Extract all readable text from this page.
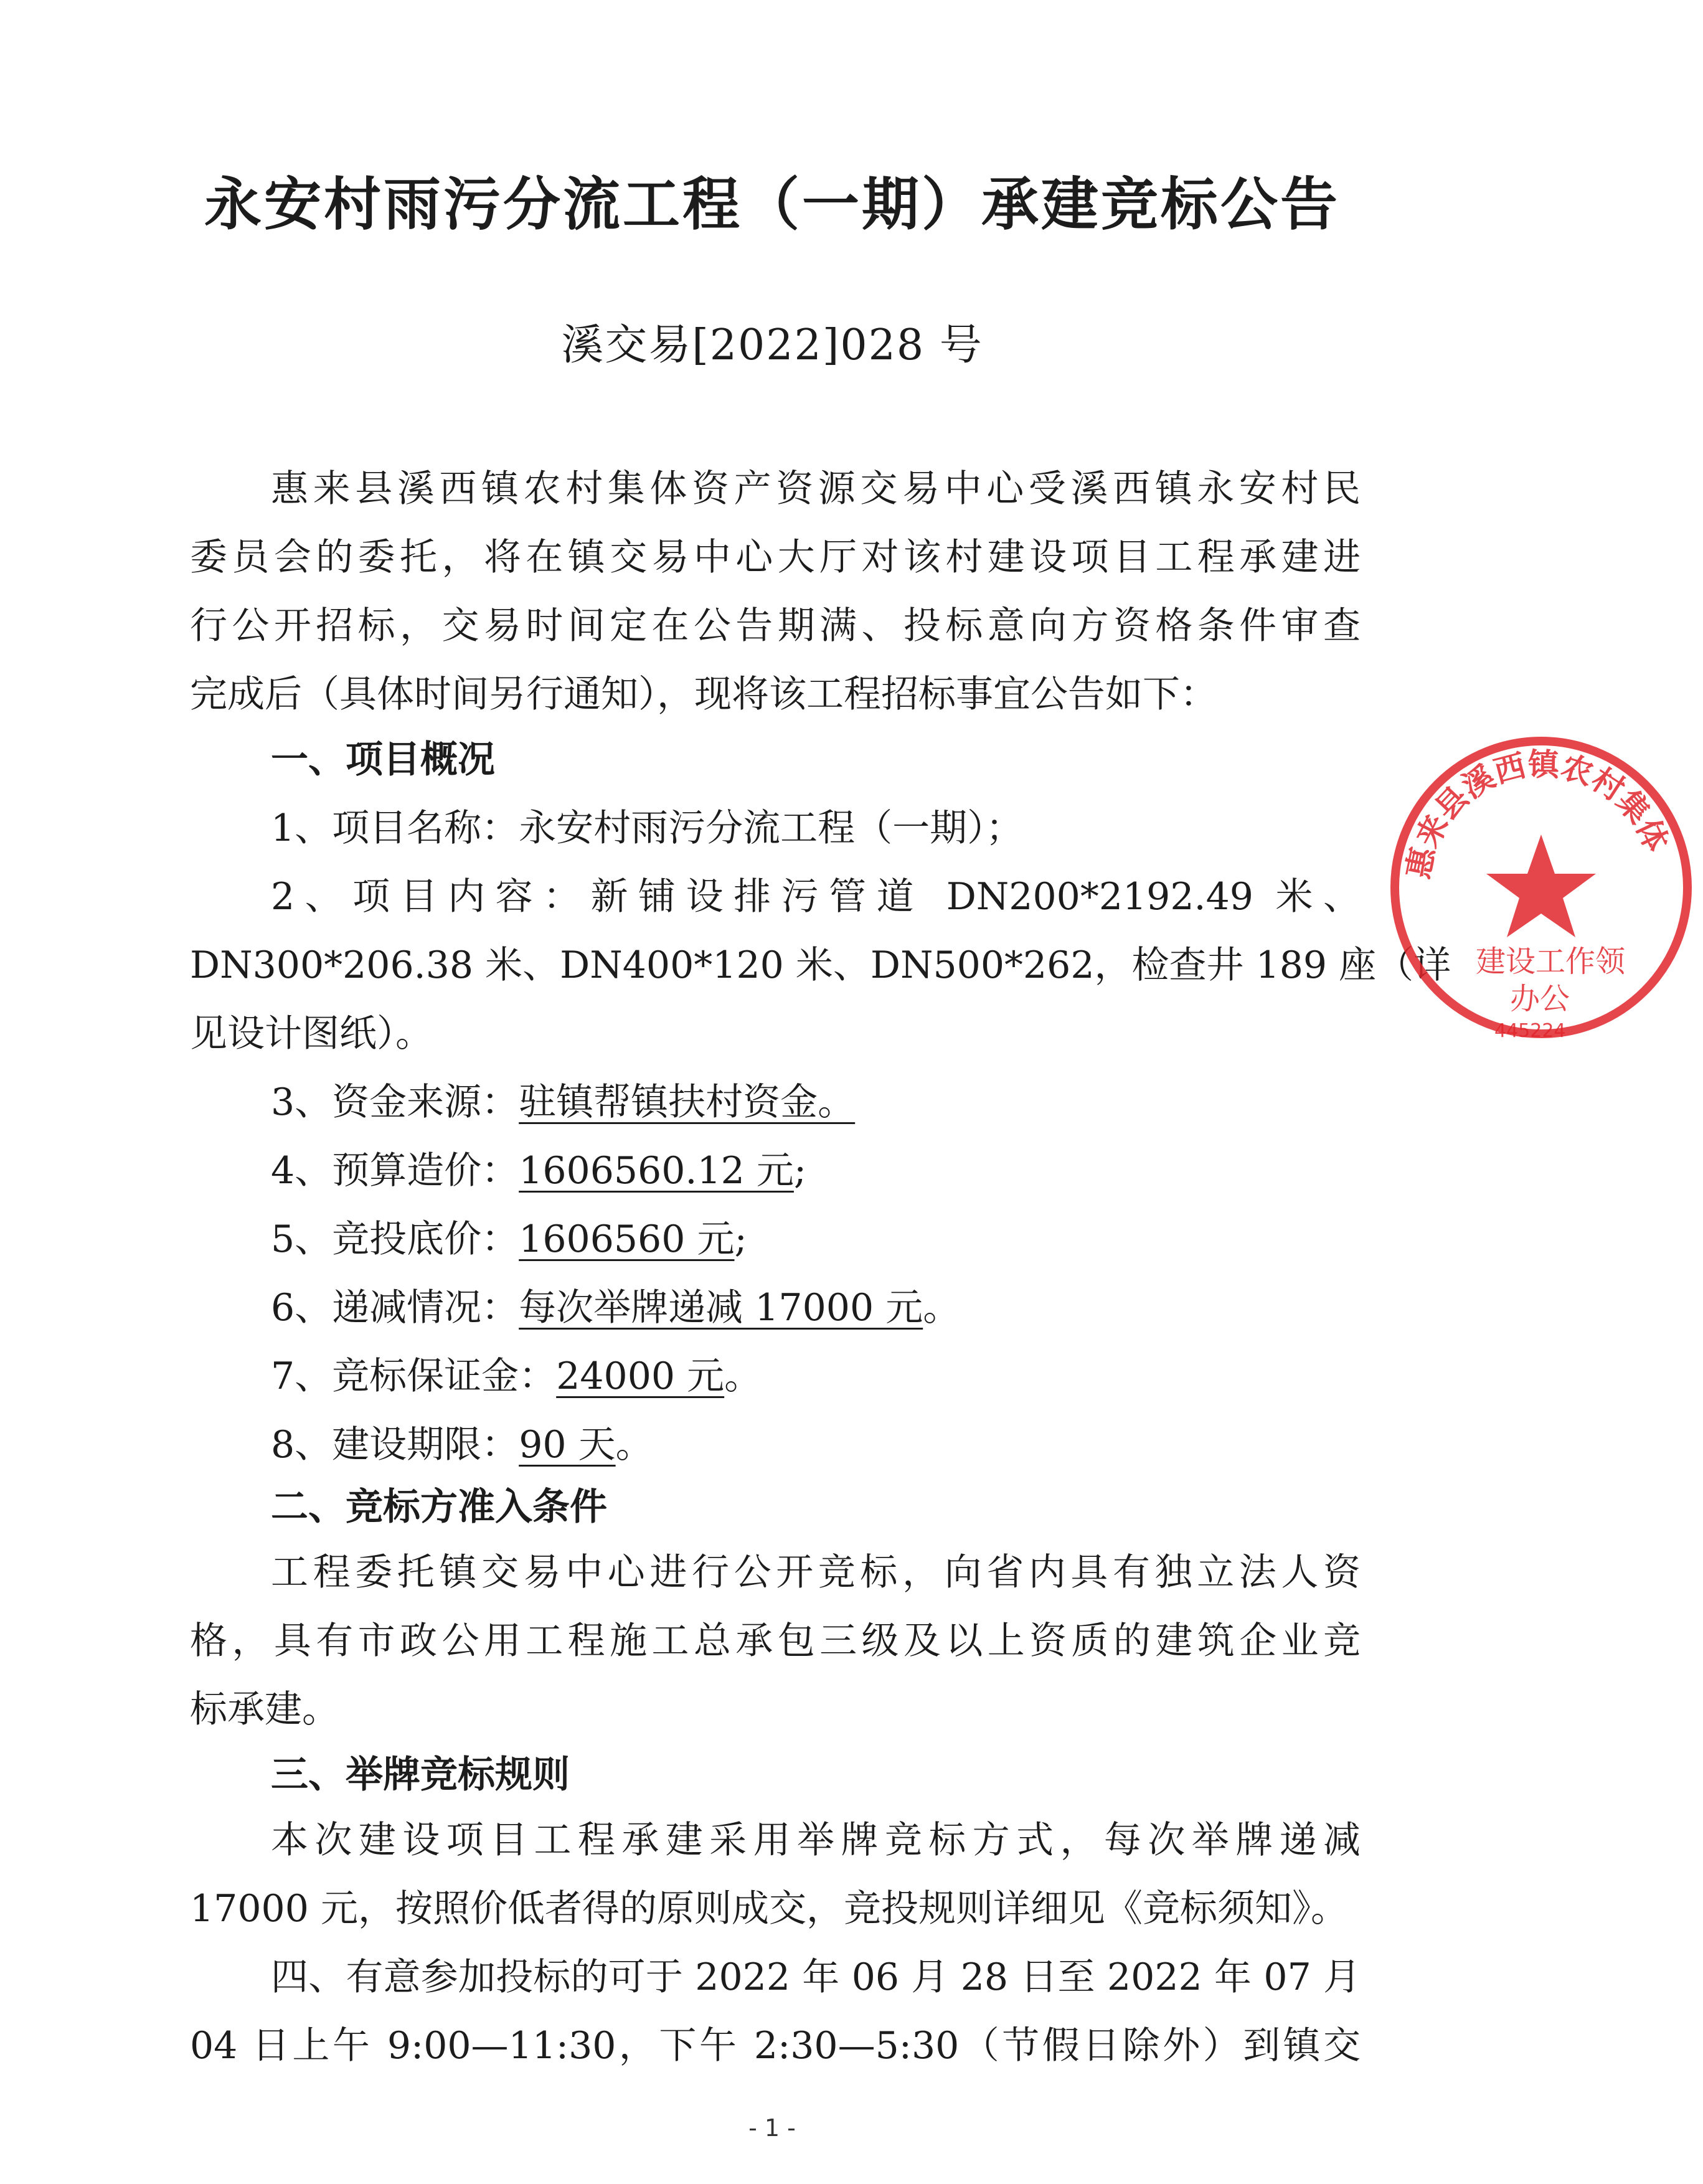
永安村雨污分流工程（一期）承建竞标公告
溪交易[2022]028 号
惠来县溪西镇农村集体资产资源交易中心受溪西镇永安村民
委员会的委托，将在镇交易中心大厅对该村建设项目工程承建进
行公开招标，交易时间定在公告期满、投标意向方资格条件审查
完成后（具体时间另行通知），现将该工程招标事宜公告如下：
一、项目概况
1、项目名称：永安村雨污分流工程（一期）；
2、项目内容：新铺设排污管道 DN200*2192.49 米、
DN300*206.38 米、DN400*120 米、DN500*262，检查井 189 座（详
见设计图纸）。
3、资金来源：驻镇帮镇扶村资金。
4、预算造价：1606560.12 元;
5、竞投底价：1606560 元;
6、递减情况：每次举牌递减 17000 元。
7、竞标保证金：24000 元。
8、建设期限：90 天。
二、竞标方准入条件
工程委托镇交易中心进行公开竞标，向省内具有独立法人资
格，具有市政公用工程施工总承包三级及以上资质的建筑企业竞
标承建。
三、举牌竞标规则
本次建设项目工程承建采用举牌竞标方式，每次举牌递减
17000 元，按照价低者得的原则成交，竞投规则详细见《竞标须知》。
四、有意参加投标的可于 2022 年 06 月 28 日至 2022 年 07 月
04 日上午 9:00—11:30，下午 2:30—5:30（节假日除外）到镇交
惠来县溪西镇农村集体
建设工作领
办公
445224
- 1 -
